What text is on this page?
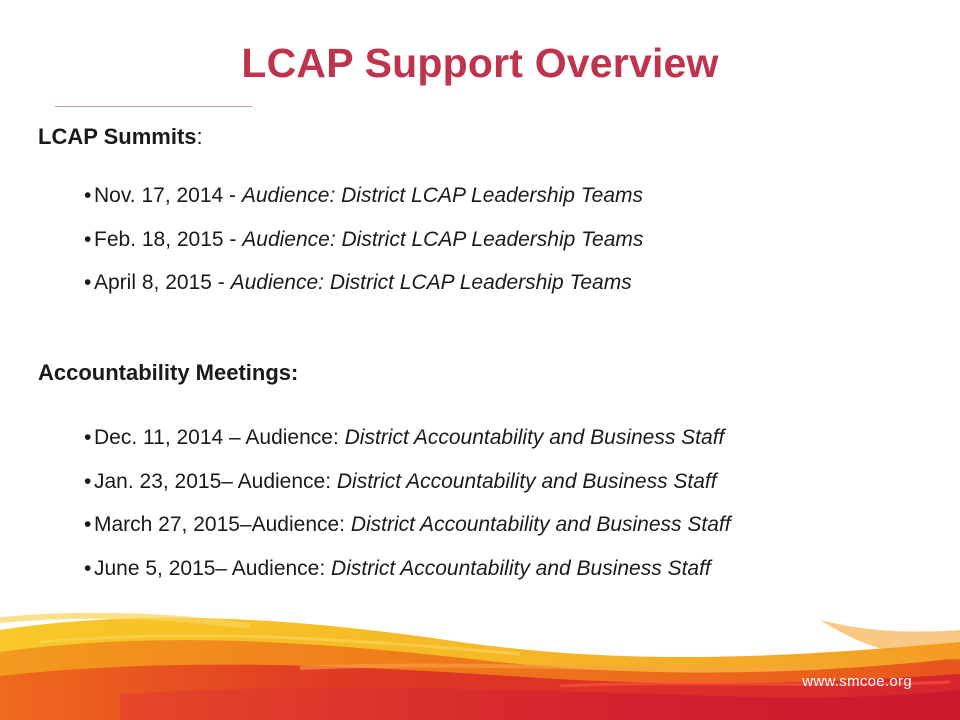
LCAP Support Overview

LCAP Summits:

• Nov. 17, 2014 - Audience: District LCAP Leadership Teams
• Feb. 18, 2015 - Audience: District LCAP Leadership Teams
• April 8, 2015 - Audience: District LCAP Leadership Teams

Accountability Meetings:

• Dec. 11, 2014 – Audience: District Accountability and Business Staff
• Jan. 23, 2015– Audience: District Accountability and Business Staff
• March 27, 2015–Audience: District Accountability and Business Staff
• June 5, 2015– Audience: District Accountability and Business Staff
www.smcoe.org
